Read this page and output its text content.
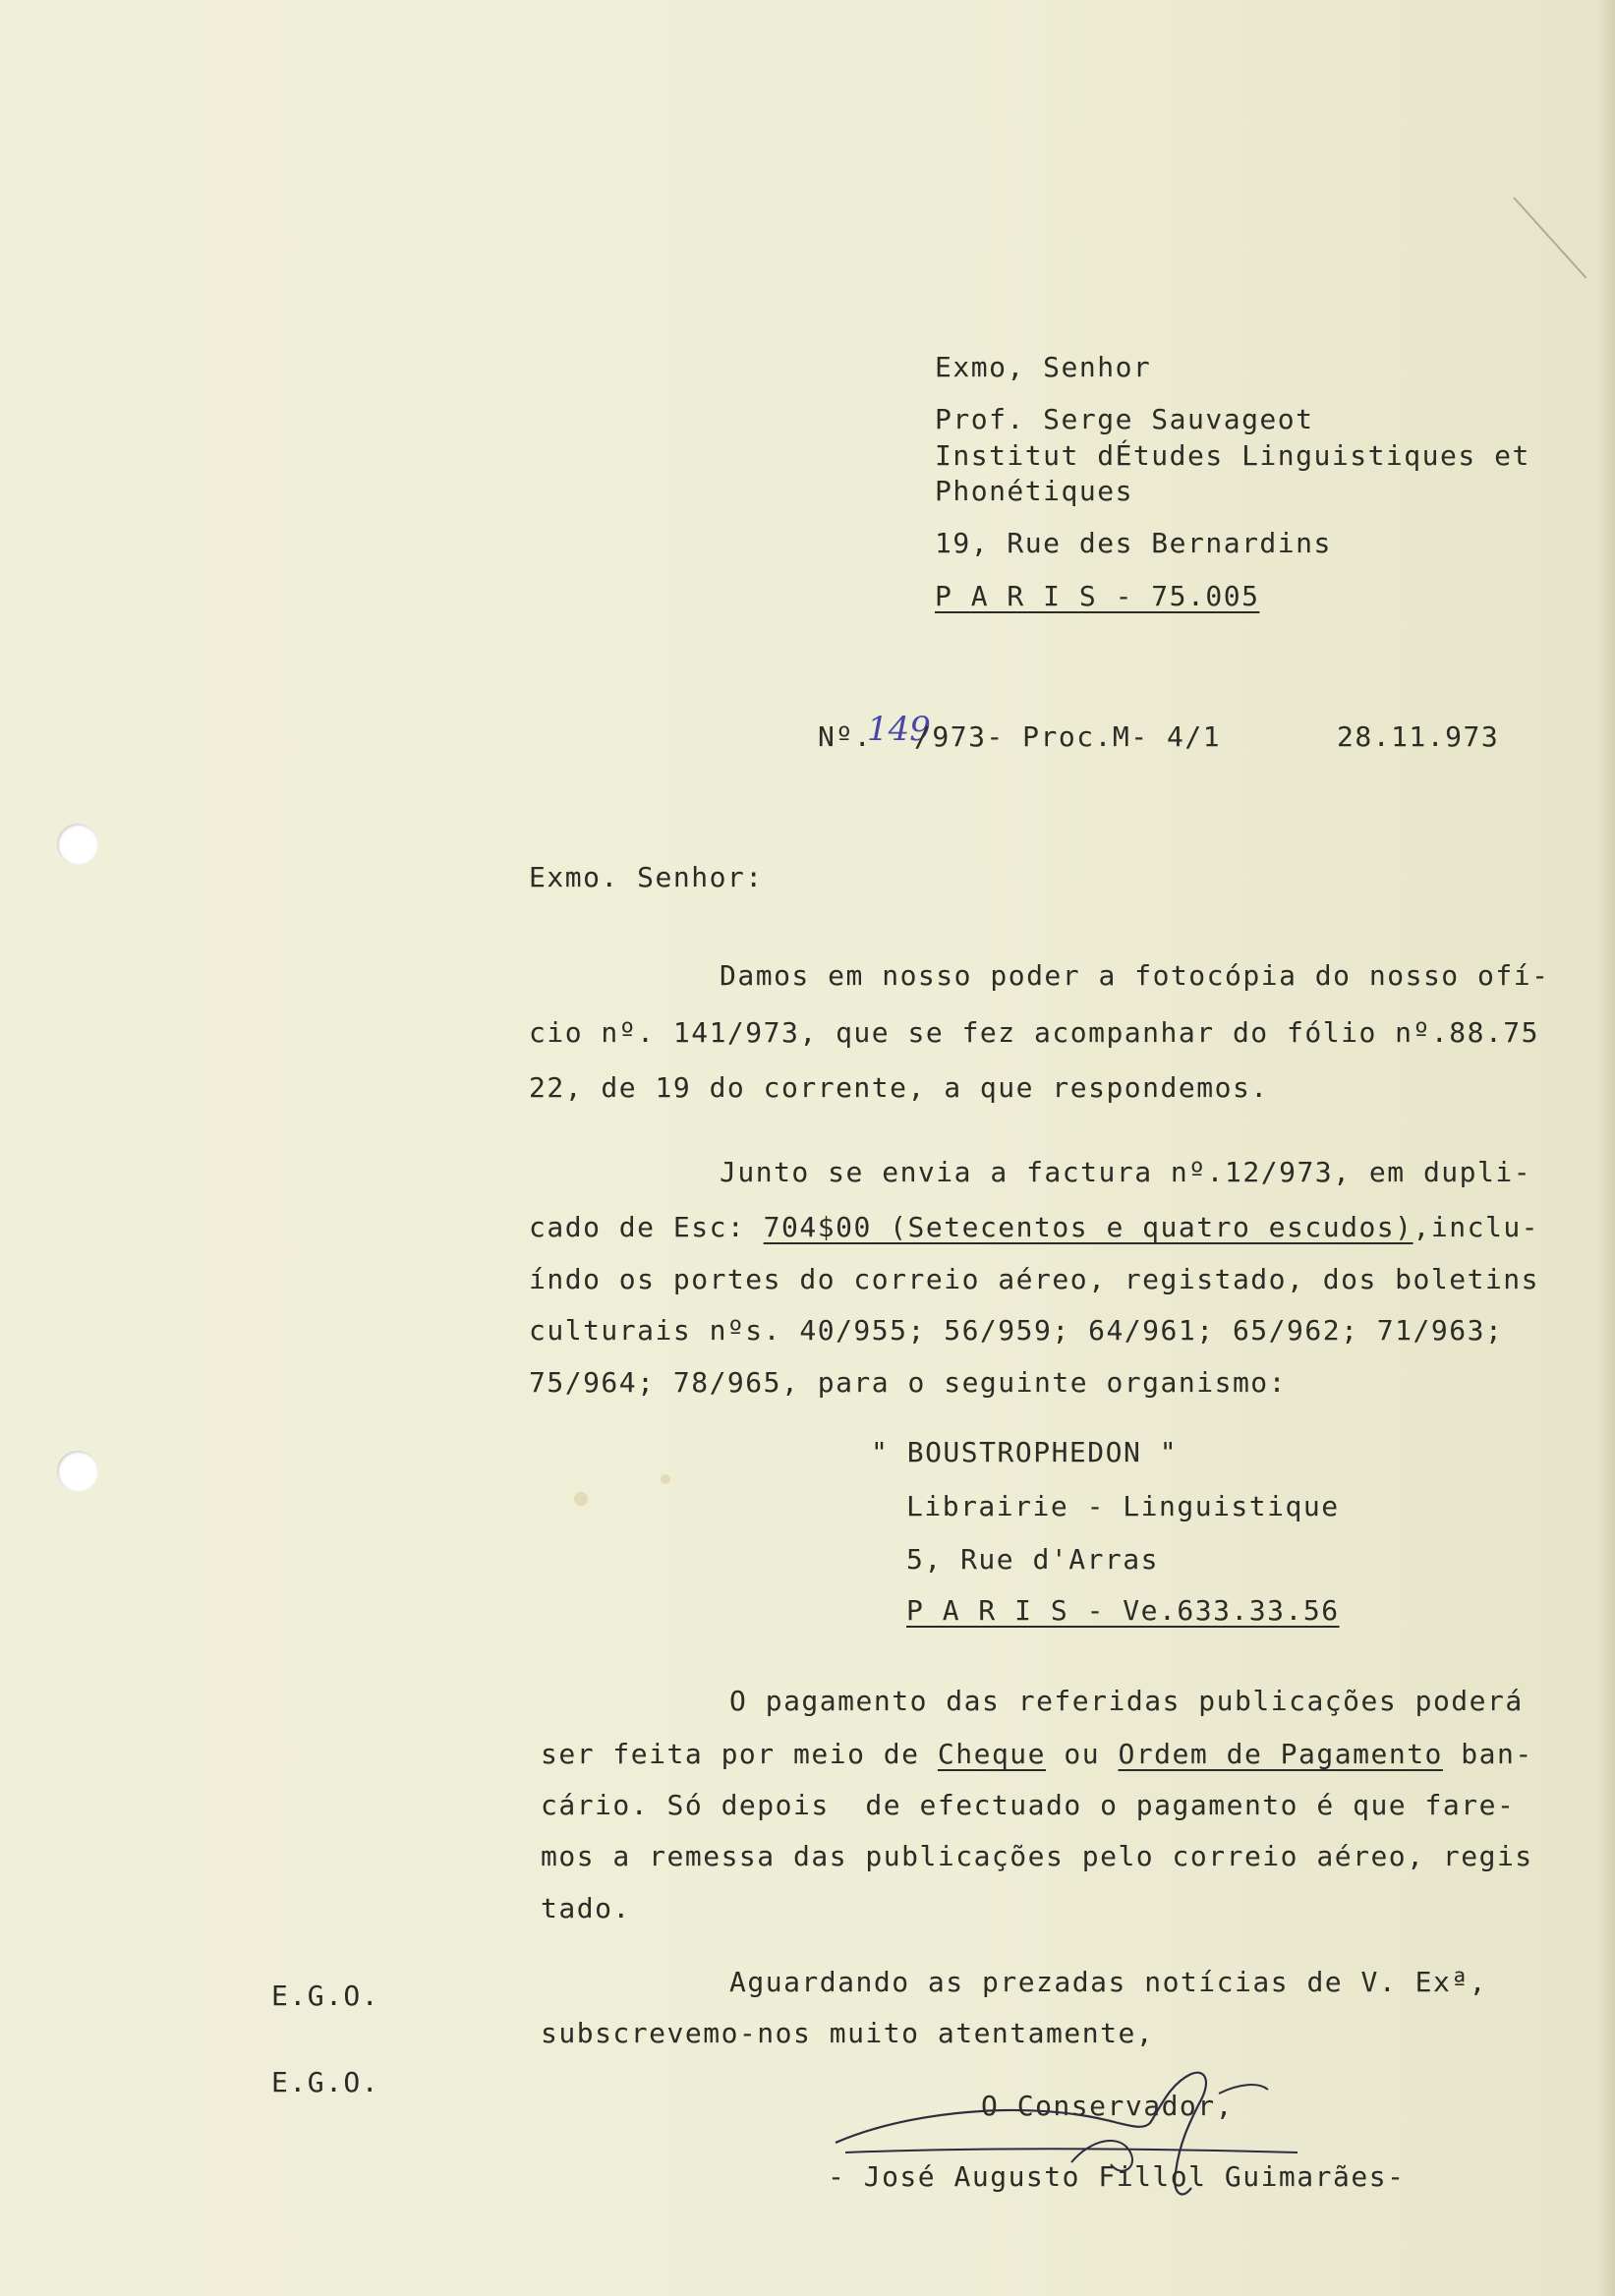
Exmo, Senhor
Prof. Serge Sauvageot
Institut dÉtudes Linguistiques et
Phonétiques
19, Rue des Bernardins
P A R I S - 75.005
Nº.
149
/973- Proc.M- 4/1	28.11.973
Exmo. Senhor:
Damos em nosso poder a fotocópia do nosso ofí-
cio nº. 141/973, que se fez acompanhar do fólio nº.88.75
22, de 19 do corrente, a que respondemos.
Junto se envia a factura nº.12/973, em dupli-
cado de Esc: 704$00 (Setecentos e quatro escudos),inclu-
índo os portes do correio aéreo, registado, dos boletins
culturais nºs. 40/955; 56/959; 64/961; 65/962; 71/963;
75/964; 78/965, para o seguinte organismo:
" BOUSTROPHEDON "
Librairie - Linguistique
5, Rue d'Arras
P A R I S - Ve.633.33.56
O pagamento das referidas publicações poderá
ser feita por meio de Cheque ou Ordem de Pagamento ban-
cário. Só depois  de efectuado o pagamento é que fare-
mos a remessa das publicações pelo correio aéreo, regis
tado.
Aguardando as prezadas notícias de V. Exª,
subscrevemo-nos muito atentamente,
E.G.O.
E.G.O.
O Conservador,
- José Augusto Fillol Guimarães-
